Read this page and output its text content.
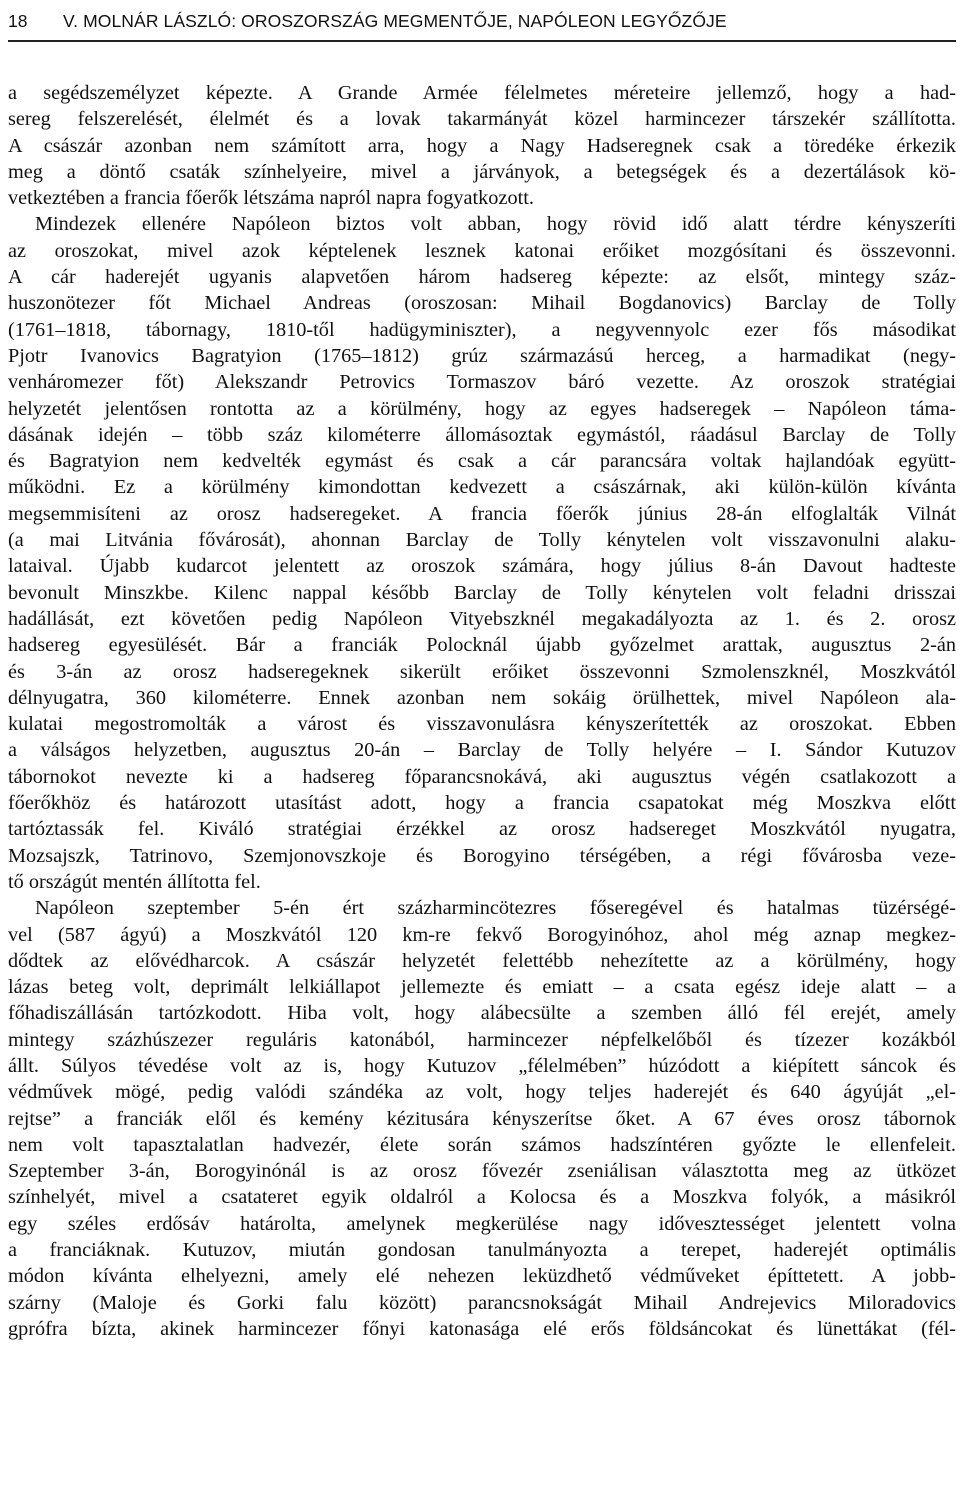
18 V. MOLNÁR LÁSZLÓ: OROSZORSZÁG MEGMENTŐJE, NAPÓLEON LEGYŐZŐJE

a segédszemélyzet képezte. A Grande Armée félelmetes méreteire jellemző, hogy a had-

sereg felszerelését, élelmét és a lovak takarmányát közel harmincezer társzekér szállította.

A császár azonban nem számított arra, hogy a Nagy Hadseregnek csak a töredéke érkezik

meg a döntő csaták színhelyeire, mivel a járványok, a betegségek és a dezertálások kö-

vetkeztében a francia főerők létszáma napról napra fogyatkozott.

Mindezek ellenére Napóleon biztos volt abban, hogy rövid idő alatt térdre kényszeríti

az oroszokat, mivel azok képtelenek lesznek katonai erőiket mozgósítani és összevonni.

A cár haderejét ugyanis alapvetően három hadsereg képezte: az elsőt, mintegy száz-

huszonötezer főt Michael Andreas (oroszosan: Mihail Bogdanovics) Barclay de Tolly

(1761–1818, tábornagy, 1810-től hadügyminiszter), a negyvennyolc ezer fős másodikat

Pjotr Ivanovics Bagratyion (1765–1812) grúz származású herceg, a harmadikat (negy-

venháromezer főt) Alekszandr Petrovics Tormaszov báró vezette. Az oroszok stratégiai

helyzetét jelentősen rontotta az a körülmény, hogy az egyes hadseregek – Napóleon táma-

dásának idején – több száz kilométerre állomásoztak egymástól, ráadásul Barclay de Tolly

és Bagratyion nem kedvelték egymást és csak a cár parancsára voltak hajlandóak együtt-

működni. Ez a körülmény kimondottan kedvezett a császárnak, aki külön-külön kívánta

megsemmisíteni az orosz hadseregeket. A francia főerők június 28-án elfoglalták Vilnát

(a mai Litvánia fővárosát), ahonnan Barclay de Tolly kénytelen volt visszavonulni alaku-

lataival. Újabb kudarcot jelentett az oroszok számára, hogy július 8-án Davout hadteste

bevonult Minszkbe. Kilenc nappal később Barclay de Tolly kénytelen volt feladni drisszai

hadállását, ezt követően pedig Napóleon Vityebszknél megakadályozta az 1. és 2. orosz

hadsereg egyesülését. Bár a franciák Polocknál újabb győzelmet arattak, augusztus 2-án

és 3-án az orosz hadseregeknek sikerült erőiket összevonni Szmolenszknél, Moszkvától

délnyugatra, 360 kilométerre. Ennek azonban nem sokáig örülhettek, mivel Napóleon ala-

kulatai megostromolták a várost és visszavonulásra kényszerítették az oroszokat. Ebben

a válságos helyzetben, augusztus 20-án – Barclay de Tolly helyére – I. Sándor Kutuzov

tábornokot nevezte ki a hadsereg főparancsnokává, aki augusztus végén csatlakozott a

főerőkhöz és határozott utasítást adott, hogy a francia csapatokat még Moszkva előtt

tartóztassák fel. Kiváló stratégiai érzékkel az orosz hadsereget Moszkvától nyugatra,

Mozsajszk, Tatrinovo, Szemjonovszkoje és Borogyino térségében, a régi fővárosba veze-

tő országút mentén állította fel.

Napóleon szeptember 5-én ért százharmincötezres főseregével és hatalmas tüzérségé-

vel (587 ágyú) a Moszkvától 120 km-re fekvő Borogyinóhoz, ahol még aznap megkez-

dődtek az elővédharcok. A császár helyzetét felettébb nehezítette az a körülmény, hogy

lázas beteg volt, deprimált lelkiállapot jellemezte és emiatt – a csata egész ideje alatt – a

főhadiszállásán tartózkodott. Hiba volt, hogy alábecsülte a szemben álló fél erejét, amely

mintegy százhúszezer reguláris katonából, harmincezer népfelkelőből és tízezer kozákból

állt. Súlyos tévedése volt az is, hogy Kutuzov „félelmében” húzódott a kiépített sáncok és

védművek mögé, pedig valódi szándéka az volt, hogy teljes haderejét és 640 ágyúját „el-

rejtse” a franciák elől és kemény kézitusára kényszerítse őket. A 67 éves orosz tábornok

nem volt tapasztalatlan hadvezér, élete során számos hadszíntéren győzte le ellenfeleit.

Szeptember 3-án, Borogyinónál is az orosz fővezér zseniálisan választotta meg az ütközet

színhelyét, mivel a csatateret egyik oldalról a Kolocsa és a Moszkva folyók, a másikról

egy széles erdősáv határolta, amelynek megkerülése nagy idővesztességet jelentett volna

a franciáknak. Kutuzov, miután gondosan tanulmányozta a terepet, haderejét optimális

módon kívánta elhelyezni, amely elé nehezen leküzdhető védműveket építtetett. A jobb-

szárny (Maloje és Gorki falu között) parancsnokságát Mihail Andrejevics Miloradovics

gprófra bízta, akinek harmincezer főnyi katonasága elé erős földsáncokat és lünettákat (fél-
